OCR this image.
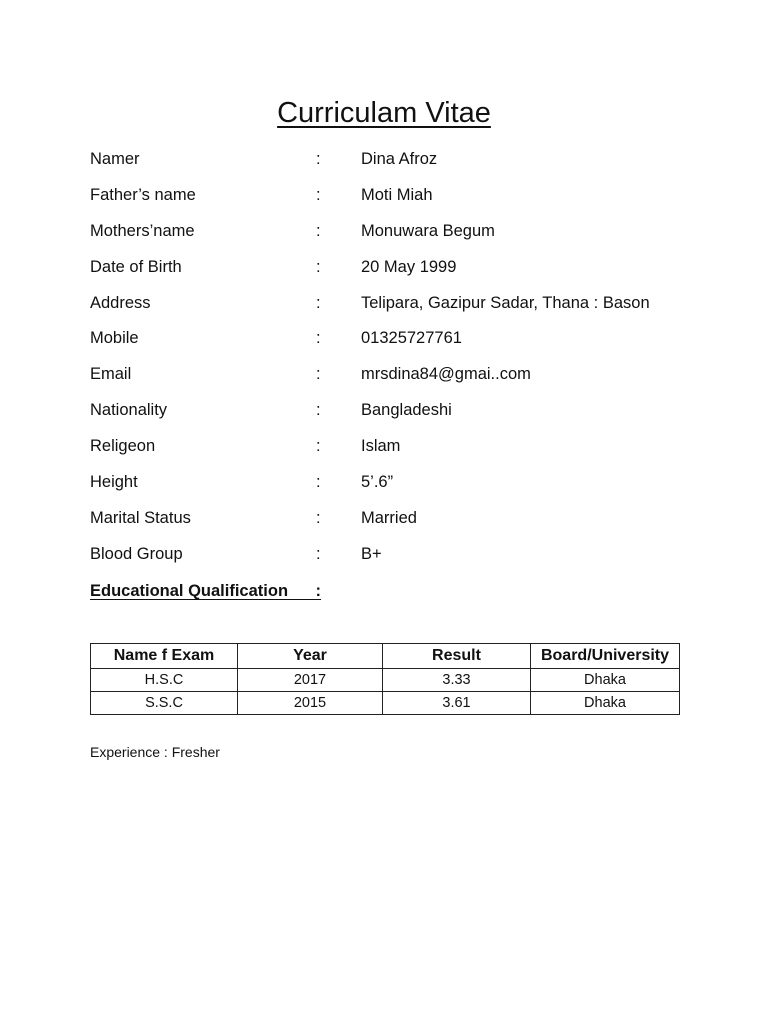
Curriculam Vitae
Namer	: Dina Afroz
Father’s name	: Moti Miah
Mothers’name	: Monuwara Begum
Date of Birth	: 20 May 1999
Address	: Telipara, Gazipur Sadar, Thana : Bason
Mobile	: 01325727761
Email	: mrsdina84@gmai..com
Nationality	: Bangladeshi
Religeon	: Islam
Height	: 5’.6”
Marital Status	: Married
Blood Group	: B+
Educational Qualification      :
Name f Exam	Year	Result	Board/University
H.S.C	2017	3.33	Dhaka
S.S.C	2015	3.61	Dhaka
Experience : Fresher
